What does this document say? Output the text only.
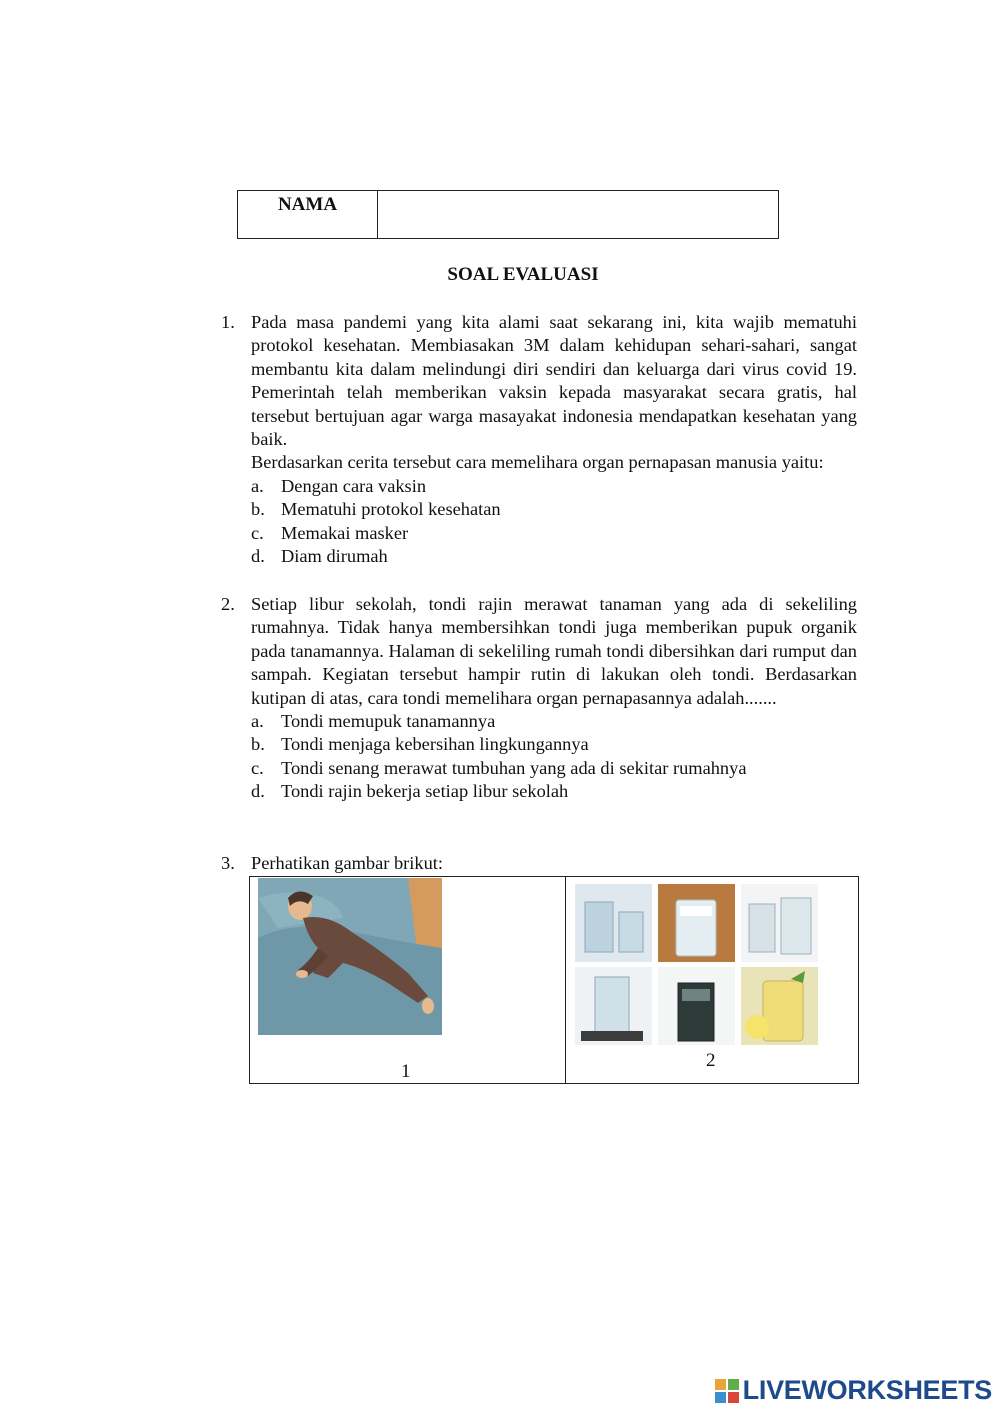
NAMA
SOAL EVALUASI
1. Pada masa pandemi yang kita alami saat sekarang ini, kita wajib mematuhi protokol kesehatan. Membiasakan 3M dalam kehidupan sehari-sahari, sangat membantu kita dalam melindungi diri sendiri dan keluarga dari virus covid 19. Pemerintah telah memberikan vaksin kepada masyarakat secara gratis, hal tersebut bertujuan agar warga masayakat indonesia mendapatkan kesehatan yang baik.
Berdasarkan cerita tersebut cara memelihara organ pernapasan manusia yaitu:
a. Dengan cara vaksin
b. Mematuhi protokol kesehatan
c. Memakai masker
d. Diam dirumah
2. Setiap libur sekolah, tondi rajin merawat tanaman yang ada di sekeliling rumahnya. Tidak hanya membersihkan tondi juga memberikan pupuk organik pada tanamannya. Halaman di sekeliling rumah tondi dibersihkan dari rumput dan sampah. Kegiatan tersebut hampir rutin di lakukan oleh tondi. Berdasarkan kutipan di atas, cara tondi memelihara organ pernapasannya adalah.......
a. Tondi memupuk tanamannya
b. Tondi menjaga kebersihan lingkungannya
c. Tondi senang merawat tumbuhan yang ada di sekitar rumahnya
d. Tondi rajin bekerja setiap libur sekolah
3. Perhatikan gambar brikut:
1
2
LIVEWORKSHEETS
